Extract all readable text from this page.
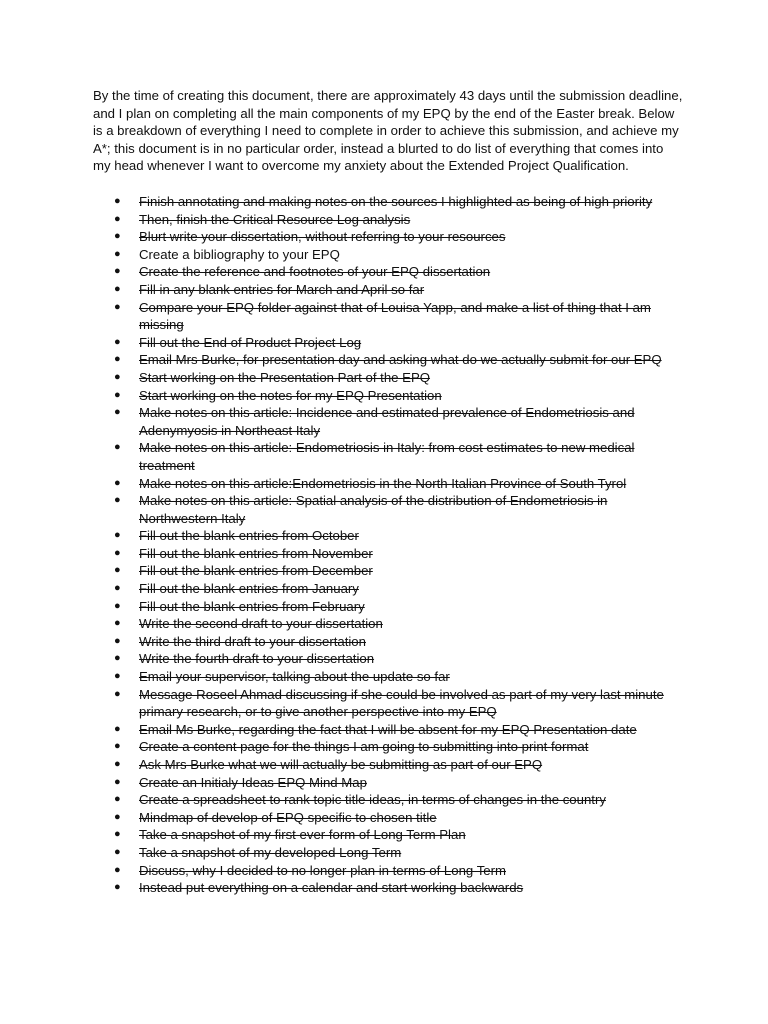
By the time of creating this document, there are approximately 43 days until the submission deadline, and I plan on completing all the main components of my EPQ by the end of the Easter break. Below is a breakdown of everything I need to complete in order to achieve this submission, and achieve my A*; this document is in no particular order, instead a blurted to do list of everything that comes into my head whenever I want to overcome my anxiety about the Extended Project Qualification.

● Finish annotating and making notes on the sources I highlighted as being of high priority
● Then, finish the Critical Resource Log analysis
● Blurt write your dissertation, without referring to your resources
● Create a bibliography to your EPQ
● Create the reference and footnotes of your EPQ dissertation
● Fill in any blank entries for March and April so far
● Compare your EPQ folder against that of Louisa Yapp, and make a list of thing that I am missing
● Fill out the End of Product Project Log
● Email Mrs Burke, for presentation day and asking what do we actually submit for our EPQ
● Start working on the Presentation Part of the EPQ
● Start working on the notes for my EPQ Presentation
● Make notes on this article: Incidence and estimated prevalence of Endometriosis and Adenymyosis in Northeast Italy
● Make notes on this article: Endometriosis in Italy: from cost estimates to new medical treatment
● Make notes on this article:Endometriosis in the North Italian Province of South Tyrol
● Make notes on this article: Spatial analysis of the distribution of Endometriosis in Northwestern Italy
● Fill out the blank entries from October
● Fill out the blank entries from November
● Fill out the blank entries from December
● Fill out the blank entries from January
● Fill out the blank entries from February
● Write the second draft to your dissertation
● Write the third draft to your dissertation
● Write the fourth draft to your dissertation
● Email your supervisor, talking about the update so far
● Message Roseel Ahmad discussing if she could be involved as part of my very last minute primary research, or to give another perspective into my EPQ
● Email Ms Burke, regarding the fact that I will be absent for my EPQ Presentation date
● Create a content page for the things I am going to submitting into print format
● Ask Mrs Burke what we will actually be submitting as part of our EPQ
● Create an Initialy Ideas EPQ Mind Map
● Create a spreadsheet to rank topic title ideas, in terms of changes in the country
● Mindmap of develop of EPQ specific to chosen title
● Take a snapshot of my first ever form of Long Term Plan
● Take a snapshot of my developed Long Term
● Discuss, why I decided to no longer plan in terms of Long Term
● Instead put everything on a calendar and start working backwards
